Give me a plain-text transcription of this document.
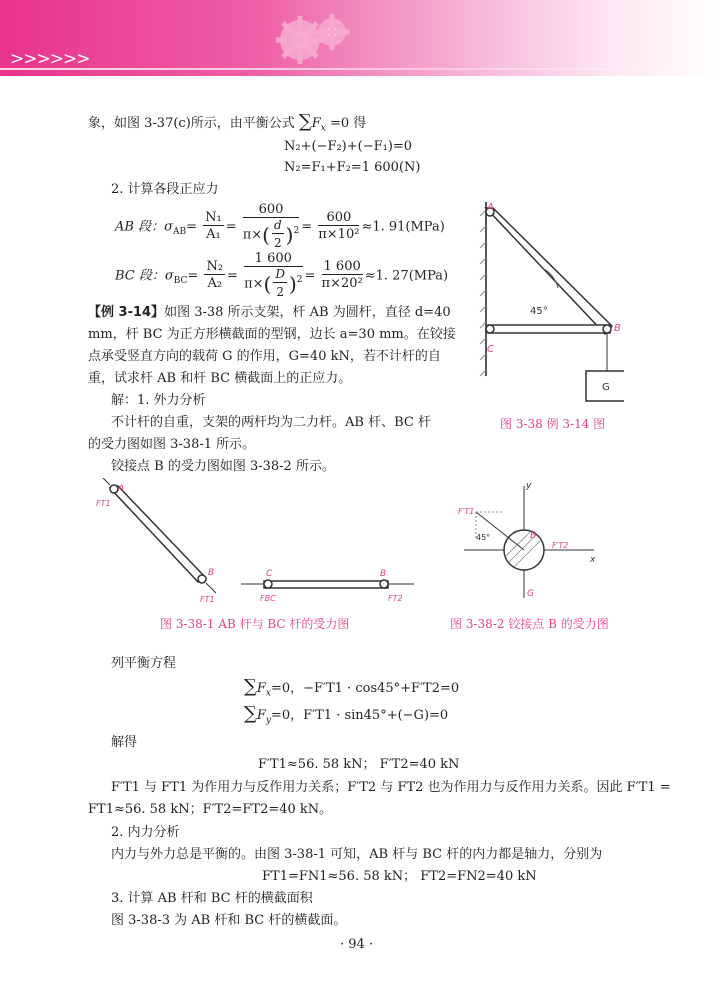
>>>>>>
象，如图 3-37(c)所示，由平衡公式 $\sum F_x =0$ 得
N₂+(−F₂)+(−F₁)=0
N₂=F₁+F₂=1 600(N)
2. 计算各段正应力
AB 段：$\sigma_{AB}= \frac{\text{N₁}}{\text{A₁}} = \frac{600}{\pi\times( \frac{d}{2} )^2} = \frac{600}{\text{π×10²}} \approx 1$. 91(MPa)
BC 段：$\sigma_{BC}= \frac{\text{N₂}}{\text{A₂}} = \frac{1 600}{\pi\times( \frac{D}{2} )^2} = \frac{1 600}{\text{π×20²}} \approx 1$. 27(MPa)
【例 3-14】如图 3-38 所示支架，杆 AB 为圆杆，直径 d=40
mm，杆 BC 为正方形横截面的型钢，边长 a=30 mm。在铰接
点承受竖直方向的载荷 G 的作用，G=40 kN，若不计杆的自
重，试求杆 AB 和杆 BC 横截面上的正应力。
解：1. 外力分析
不计杆的自重，支架的两杆均为二力杆。AB 杆、BC 杆
的受力图如图 3-38-1 所示。
铰接点 B 的受力图如图 3-38-2 所示。
A
C
B
45°
G
图 3-38 例 3-14 图
A
B
FT1
FT1
C	B
FBC	FT2
图 3-38-1 AB 杆与 BC 杆的受力图
y
x
B
F′T1
F′T2
G
45°
图 3-38-2 铰接点 B 的受力图
列平衡方程
$\sum F_x=0$，−F′T1 · cos45°+F′T2=0
$\sum F_y=0$，F′T1 · sin45°+(−G)=0
解得
F′T1≈56. 58 kN； F′T2=40 kN
F′T1 与 FT1 为作用力与反作用力关系；F′T2 与 FT2 也为作用力与反作用力关系。因此 F′T1 =
FT1≈56. 58 kN；F′T2=FT2=40 kN。
2. 内力分析
内力与外力总是平衡的。由图 3-38-1 可知，AB 杆与 BC 杆的内力都是轴力，分别为
FT1=FN1≈56. 58 kN； FT2=FN2=40 kN
3. 计算 AB 杆和 BC 杆的横截面积
图 3-38-3 为 AB 杆和 BC 杆的横截面。
· 94 ·
